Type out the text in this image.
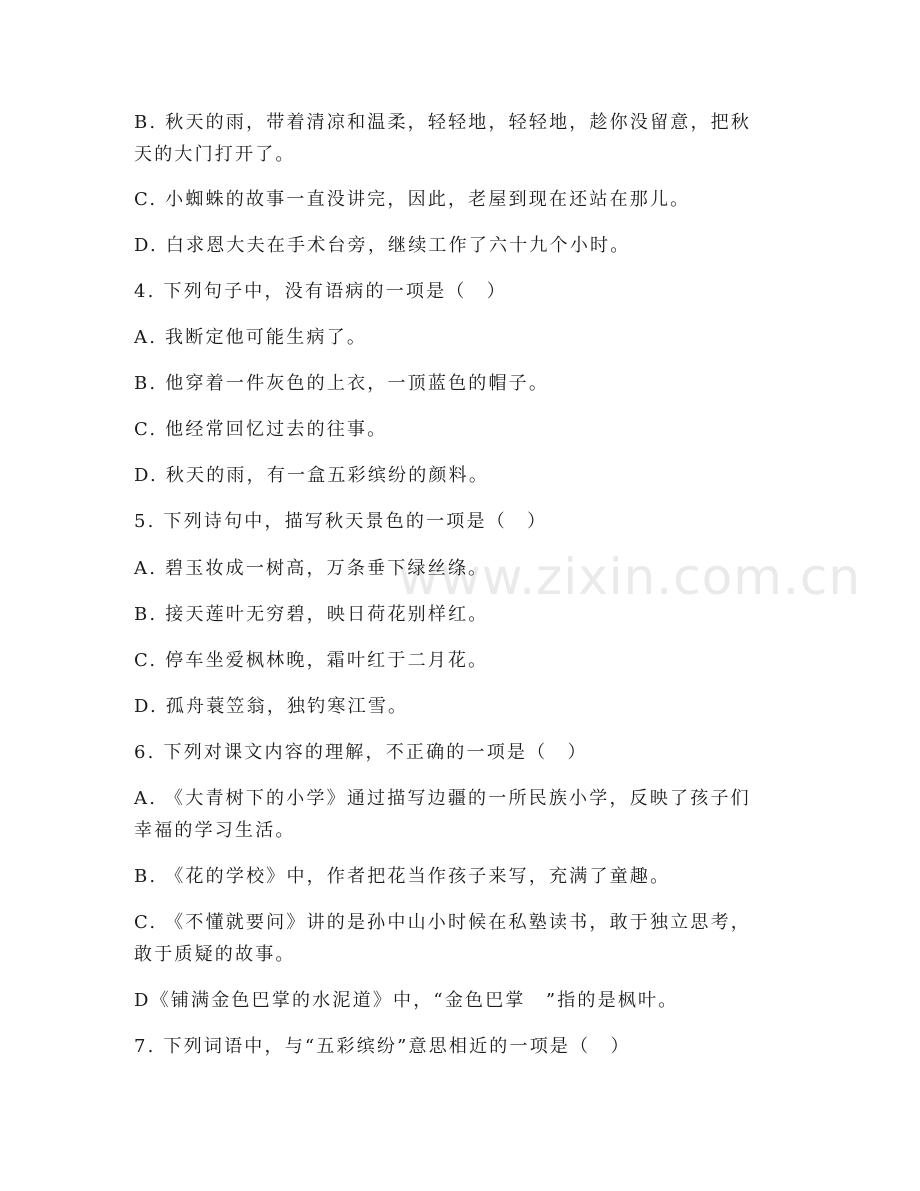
www.zixin.com.cn
B. 秋天的雨，带着清凉和温柔，轻轻地，轻轻地，趁你没留意，把秋
天的大门打开了。
C. 小蜘蛛的故事一直没讲完，因此，老屋到现在还站在那儿。
D. 白求恩大夫在手术台旁，继续工作了六十九个小时。
4. 下列句子中，没有语病的一项是（　）
A. 我断定他可能生病了。
B. 他穿着一件灰色的上衣，一顶蓝色的帽子。
C. 他经常回忆过去的往事。
D. 秋天的雨，有一盒五彩缤纷的颜料。
5. 下列诗句中，描写秋天景色的一项是（　）
A. 碧玉妆成一树高，万条垂下绿丝绦。
B. 接天莲叶无穷碧，映日荷花别样红。
C. 停车坐爱枫林晚，霜叶红于二月花。
D. 孤舟蓑笠翁，独钓寒江雪。
6. 下列对课文内容的理解，不正确的一项是（　）
A. 《大青树下的小学》通过描写边疆的一所民族小学，反映了孩子们
幸福的学习生活。
B. 《花的学校》中，作者把花当作孩子来写，充满了童趣。
C. 《不懂就要问》讲的是孙中山小时候在私塾读书，敢于独立思考，
敢于质疑的故事。
D《铺满金色巴掌的水泥道》中，“金色巴掌　”指的是枫叶。
7. 下列词语中，与“五彩缤纷”意思相近的一项是（　）
